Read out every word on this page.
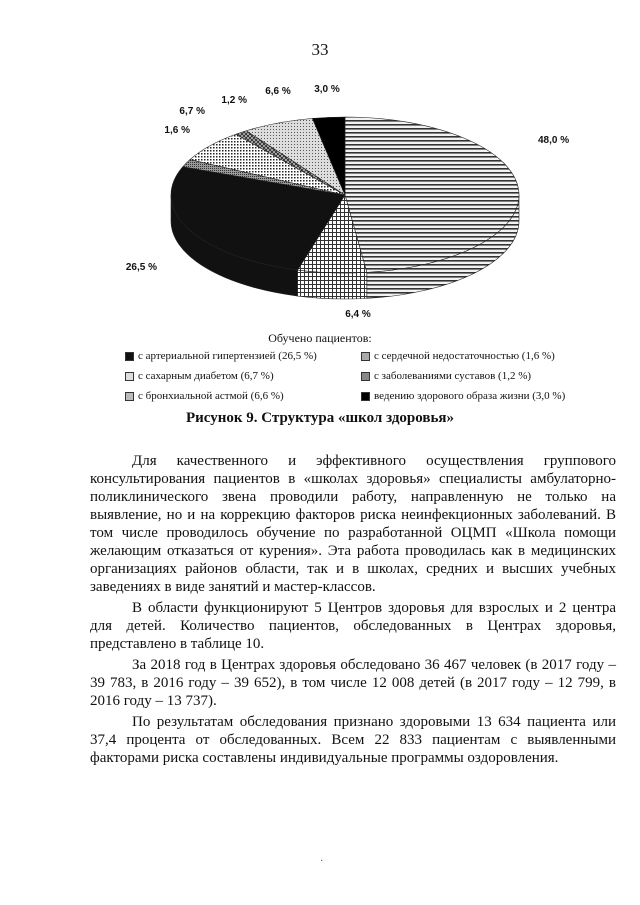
33
48,0 %
6,4 %
26,5 %
1,6 %
6,7 %
1,2 %
6,6 % 3,0 %
Обучено пациентов:
с артериальной гипертензией (26,5 %)	с сердечной недостаточностью (1,6 %)
с сахарным диабетом (6,7 %)	с заболеваниями суставов (1,2 %)
с бронхиальной астмой (6,6 %)	ведению здорового образа жизни (3,0 %)
Рисунок 9. Структура «школ здоровья»

Для качественного и эффективного осуществления группового консультирования пациентов в «школах здоровья» специалисты амбулаторно-поликлинического звена проводили работу, направленную не только на выявление, но и на коррекцию факторов риска неинфекционных заболеваний. В том числе проводилось обучение по разработанной ОЦМП «Школа помощи желающим отказаться от курения». Эта работа проводилась как в медицинских организациях районов области, так и в школах, средних и высших учебных заведениях в виде занятий и мастер-классов.

В области функционируют 5 Центров здоровья для взрослых и 2 центра для детей. Количество пациентов, обследованных в Центрах здоровья, представлено в таблице 10.

За 2018 год в Центрах здоровья обследовано 36 467 человек (в 2017 году – 39 783, в 2016 году – 39 652), в том числе 12 008 детей (в 2017 году – 12 799, в 2016 году – 13 737).

По результатам обследования признано здоровыми 13 634 пациента или 37,4 процента от обследованных. Всем 22 833 пациентам с выявленными факторами риска составлены индивидуальные программы оздоровления.

·
